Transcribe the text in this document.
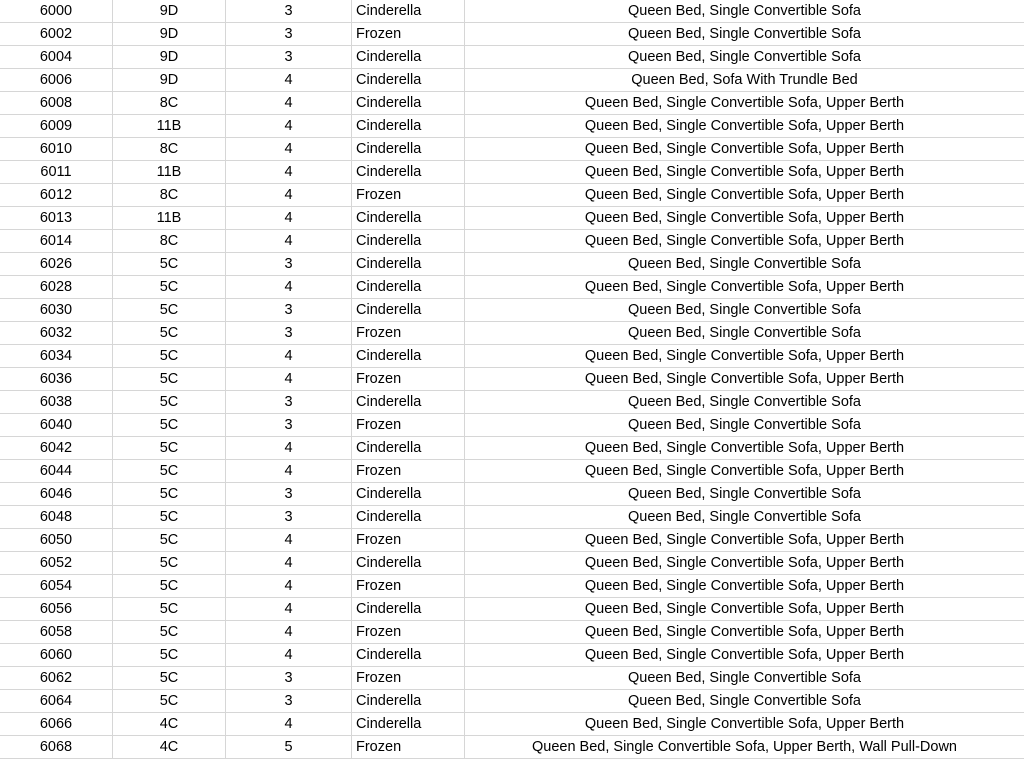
6000	9D	3	Cinderella	Queen Bed, Single Convertible Sofa
6002	9D	3	Frozen	Queen Bed, Single Convertible Sofa
6004	9D	3	Cinderella	Queen Bed, Single Convertible Sofa
6006	9D	4	Cinderella	Queen Bed, Sofa With Trundle Bed
6008	8C	4	Cinderella	Queen Bed, Single Convertible Sofa, Upper Berth
6009	11B	4	Cinderella	Queen Bed, Single Convertible Sofa, Upper Berth
6010	8C	4	Cinderella	Queen Bed, Single Convertible Sofa, Upper Berth
6011	11B	4	Cinderella	Queen Bed, Single Convertible Sofa, Upper Berth
6012	8C	4	Frozen	Queen Bed, Single Convertible Sofa, Upper Berth
6013	11B	4	Cinderella	Queen Bed, Single Convertible Sofa, Upper Berth
6014	8C	4	Cinderella	Queen Bed, Single Convertible Sofa, Upper Berth
6026	5C	3	Cinderella	Queen Bed, Single Convertible Sofa
6028	5C	4	Cinderella	Queen Bed, Single Convertible Sofa, Upper Berth
6030	5C	3	Cinderella	Queen Bed, Single Convertible Sofa
6032	5C	3	Frozen	Queen Bed, Single Convertible Sofa
6034	5C	4	Cinderella	Queen Bed, Single Convertible Sofa, Upper Berth
6036	5C	4	Frozen	Queen Bed, Single Convertible Sofa, Upper Berth
6038	5C	3	Cinderella	Queen Bed, Single Convertible Sofa
6040	5C	3	Frozen	Queen Bed, Single Convertible Sofa
6042	5C	4	Cinderella	Queen Bed, Single Convertible Sofa, Upper Berth
6044	5C	4	Frozen	Queen Bed, Single Convertible Sofa, Upper Berth
6046	5C	3	Cinderella	Queen Bed, Single Convertible Sofa
6048	5C	3	Cinderella	Queen Bed, Single Convertible Sofa
6050	5C	4	Frozen	Queen Bed, Single Convertible Sofa, Upper Berth
6052	5C	4	Cinderella	Queen Bed, Single Convertible Sofa, Upper Berth
6054	5C	4	Frozen	Queen Bed, Single Convertible Sofa, Upper Berth
6056	5C	4	Cinderella	Queen Bed, Single Convertible Sofa, Upper Berth
6058	5C	4	Frozen	Queen Bed, Single Convertible Sofa, Upper Berth
6060	5C	4	Cinderella	Queen Bed, Single Convertible Sofa, Upper Berth
6062	5C	3	Frozen	Queen Bed, Single Convertible Sofa
6064	5C	3	Cinderella	Queen Bed, Single Convertible Sofa
6066	4C	4	Cinderella	Queen Bed, Single Convertible Sofa, Upper Berth
6068	4C	5	Frozen	Queen Bed, Single Convertible Sofa, Upper Berth, Wall Pull-Down
